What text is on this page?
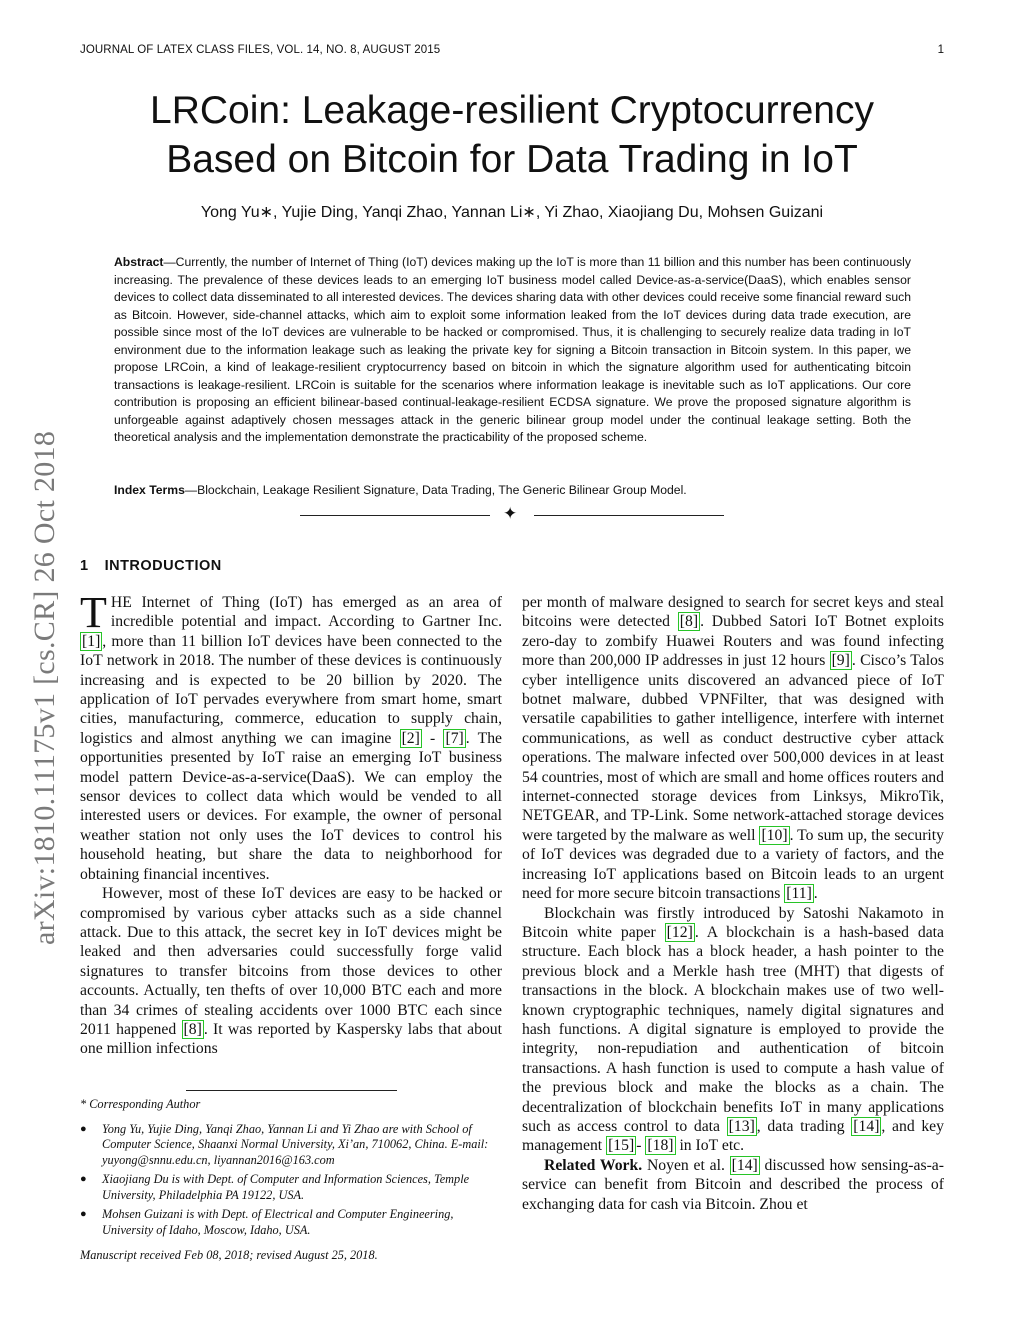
JOURNAL OF LATEX CLASS FILES, VOL. 14, NO. 8, AUGUST 2015	1
LRCoin: Leakage-resilient Cryptocurrency
Based on Bitcoin for Data Trading in IoT
Yong Yu∗, Yujie Ding, Yanqi Zhao, Yannan Li∗, Yi Zhao, Xiaojiang Du, Mohsen Guizani
Abstract—Currently, the number of Internet of Thing (IoT) devices making up the IoT is more than 11 billion and this number has been continuously increasing. The prevalence of these devices leads to an emerging IoT business model called Device-as-a-service(DaaS), which enables sensor devices to collect data disseminated to all interested devices. The devices sharing data with other devices could receive some financial reward such as Bitcoin. However, side-channel attacks, which aim to exploit some information leaked from the IoT devices during data trade execution, are possible since most of the IoT devices are vulnerable to be hacked or compromised. Thus, it is challenging to securely realize data trading in IoT environment due to the information leakage such as leaking the private key for signing a Bitcoin transaction in Bitcoin system. In this paper, we propose LRCoin, a kind of leakage-resilient cryptocurrency based on bitcoin in which the signature algorithm used for authenticating bitcoin transactions is leakage-resilient. LRCoin is suitable for the scenarios where information leakage is inevitable such as IoT applications. Our core contribution is proposing an efficient bilinear-based continual-leakage-resilient ECDSA signature. We prove the proposed signature algorithm is unforgeable against adaptively chosen messages attack in the generic bilinear group model under the continual leakage setting. Both the theoretical analysis and the implementation demonstrate the practicability of the proposed scheme.
Index Terms—Blockchain, Leakage Resilient Signature, Data Trading, The Generic Bilinear Group Model.
✦
arXiv:1810.11175v1 [cs.CR] 26 Oct 2018 1 INTRODUCTION

THE Internet of Thing (IoT) has emerged as an area of incredible potential and impact. According to Gartner Inc. [1] , more than 11 billion IoT devices have been connected to the IoT network in 2018. The number of these devices is continuously increasing and is expected to be 20 billion by 2020. The application of IoT pervades everywhere from smart home, smart cities, manufacturing, commerce, education to supply chain, logistics and almost anything we can imagine [2] - [7] . The opportunities presented by IoT raise an emerging IoT business model pattern Device-as-a-service(DaaS). We can employ the sensor devices to collect data which would be vended to all interested users or devices. For example, the owner of personal weather station not only uses the IoT devices to control his household heating, but share the data to neighborhood for obtaining financial incentives.

However, most of these IoT devices are easy to be hacked or compromised by various cyber attacks such as a side channel attack. Due to this attack, the secret key in IoT devices might be leaked and then adversaries could successfully forge valid signatures to transfer bitcoins from those devices to other accounts. Actually, ten thefts of over 10,000 BTC each and more than 34 crimes of stealing accidents over 1000 BTC each since 2011 happened [8] . It was reported by Kaspersky labs that about one million infections

per month of malware designed to search for secret keys and steal bitcoins were detected [8] . Dubbed Satori IoT Botnet exploits zero-day to zombify Huawei Routers and was found infecting more than 200,000 IP addresses in just 12 hours [9] . Cisco’s Talos cyber intelligence units discovered an advanced piece of IoT botnet malware, dubbed VPNFilter, that was designed with versatile capabilities to gather intelligence, interfere with internet communications, as well as conduct destructive cyber attack operations. The malware infected over 500,000 devices in at least 54 countries, most of which are small and home offices routers and internet-connected storage devices from Linksys, MikroTik, NETGEAR, and TP-Link. Some network-attached storage devices were targeted by the malware as well [10] . To sum up, the security of IoT devices was degraded due to a variety of factors, and the increasing IoT applications based on Bitcoin leads to an urgent need for more secure bitcoin transactions [11] .

Blockchain was firstly introduced by Satoshi Nakamoto in Bitcoin white paper [12] . A blockchain is a hash-based data structure. Each block has a block header, a hash pointer to the previous block and a Merkle hash tree (MHT) that digests of transactions in the block. A blockchain makes use of two well-known cryptographic techniques, namely digital signatures and hash functions. A digital signature is employed to provide the integrity, non-repudiation and authentication of bitcoin transactions. A hash function is used to compute a hash value of the previous block and make the blocks as a chain. The decentralization of blockchain benefits IoT in many applications such as access control to data [13] , data trading [14] , and key management [15] - [18] in IoT etc.

Related Work. Noyen et al. [14] discussed how sensing-as-a-service can benefit from Bitcoin and described the process of exchanging data for cash via Bitcoin. Zhou et

* Corresponding Author

● Yong Yu, Yujie Ding, Yanqi Zhao, Yannan Li and Yi Zhao are with School of Computer Science, Shaanxi Normal University, Xi’an, 710062, China. E-mail: yuyong@snnu.edu.cn, liyannan2016@163.com
● Xiaojiang Du is with Dept. of Computer and Information Sciences, Temple University, Philadelphia PA 19122, USA.
● Mohsen Guizani is with Dept. of Electrical and Computer Engineering, University of Idaho, Moscow, Idaho, USA.

Manuscript received Feb 08, 2018; revised August 25, 2018.
